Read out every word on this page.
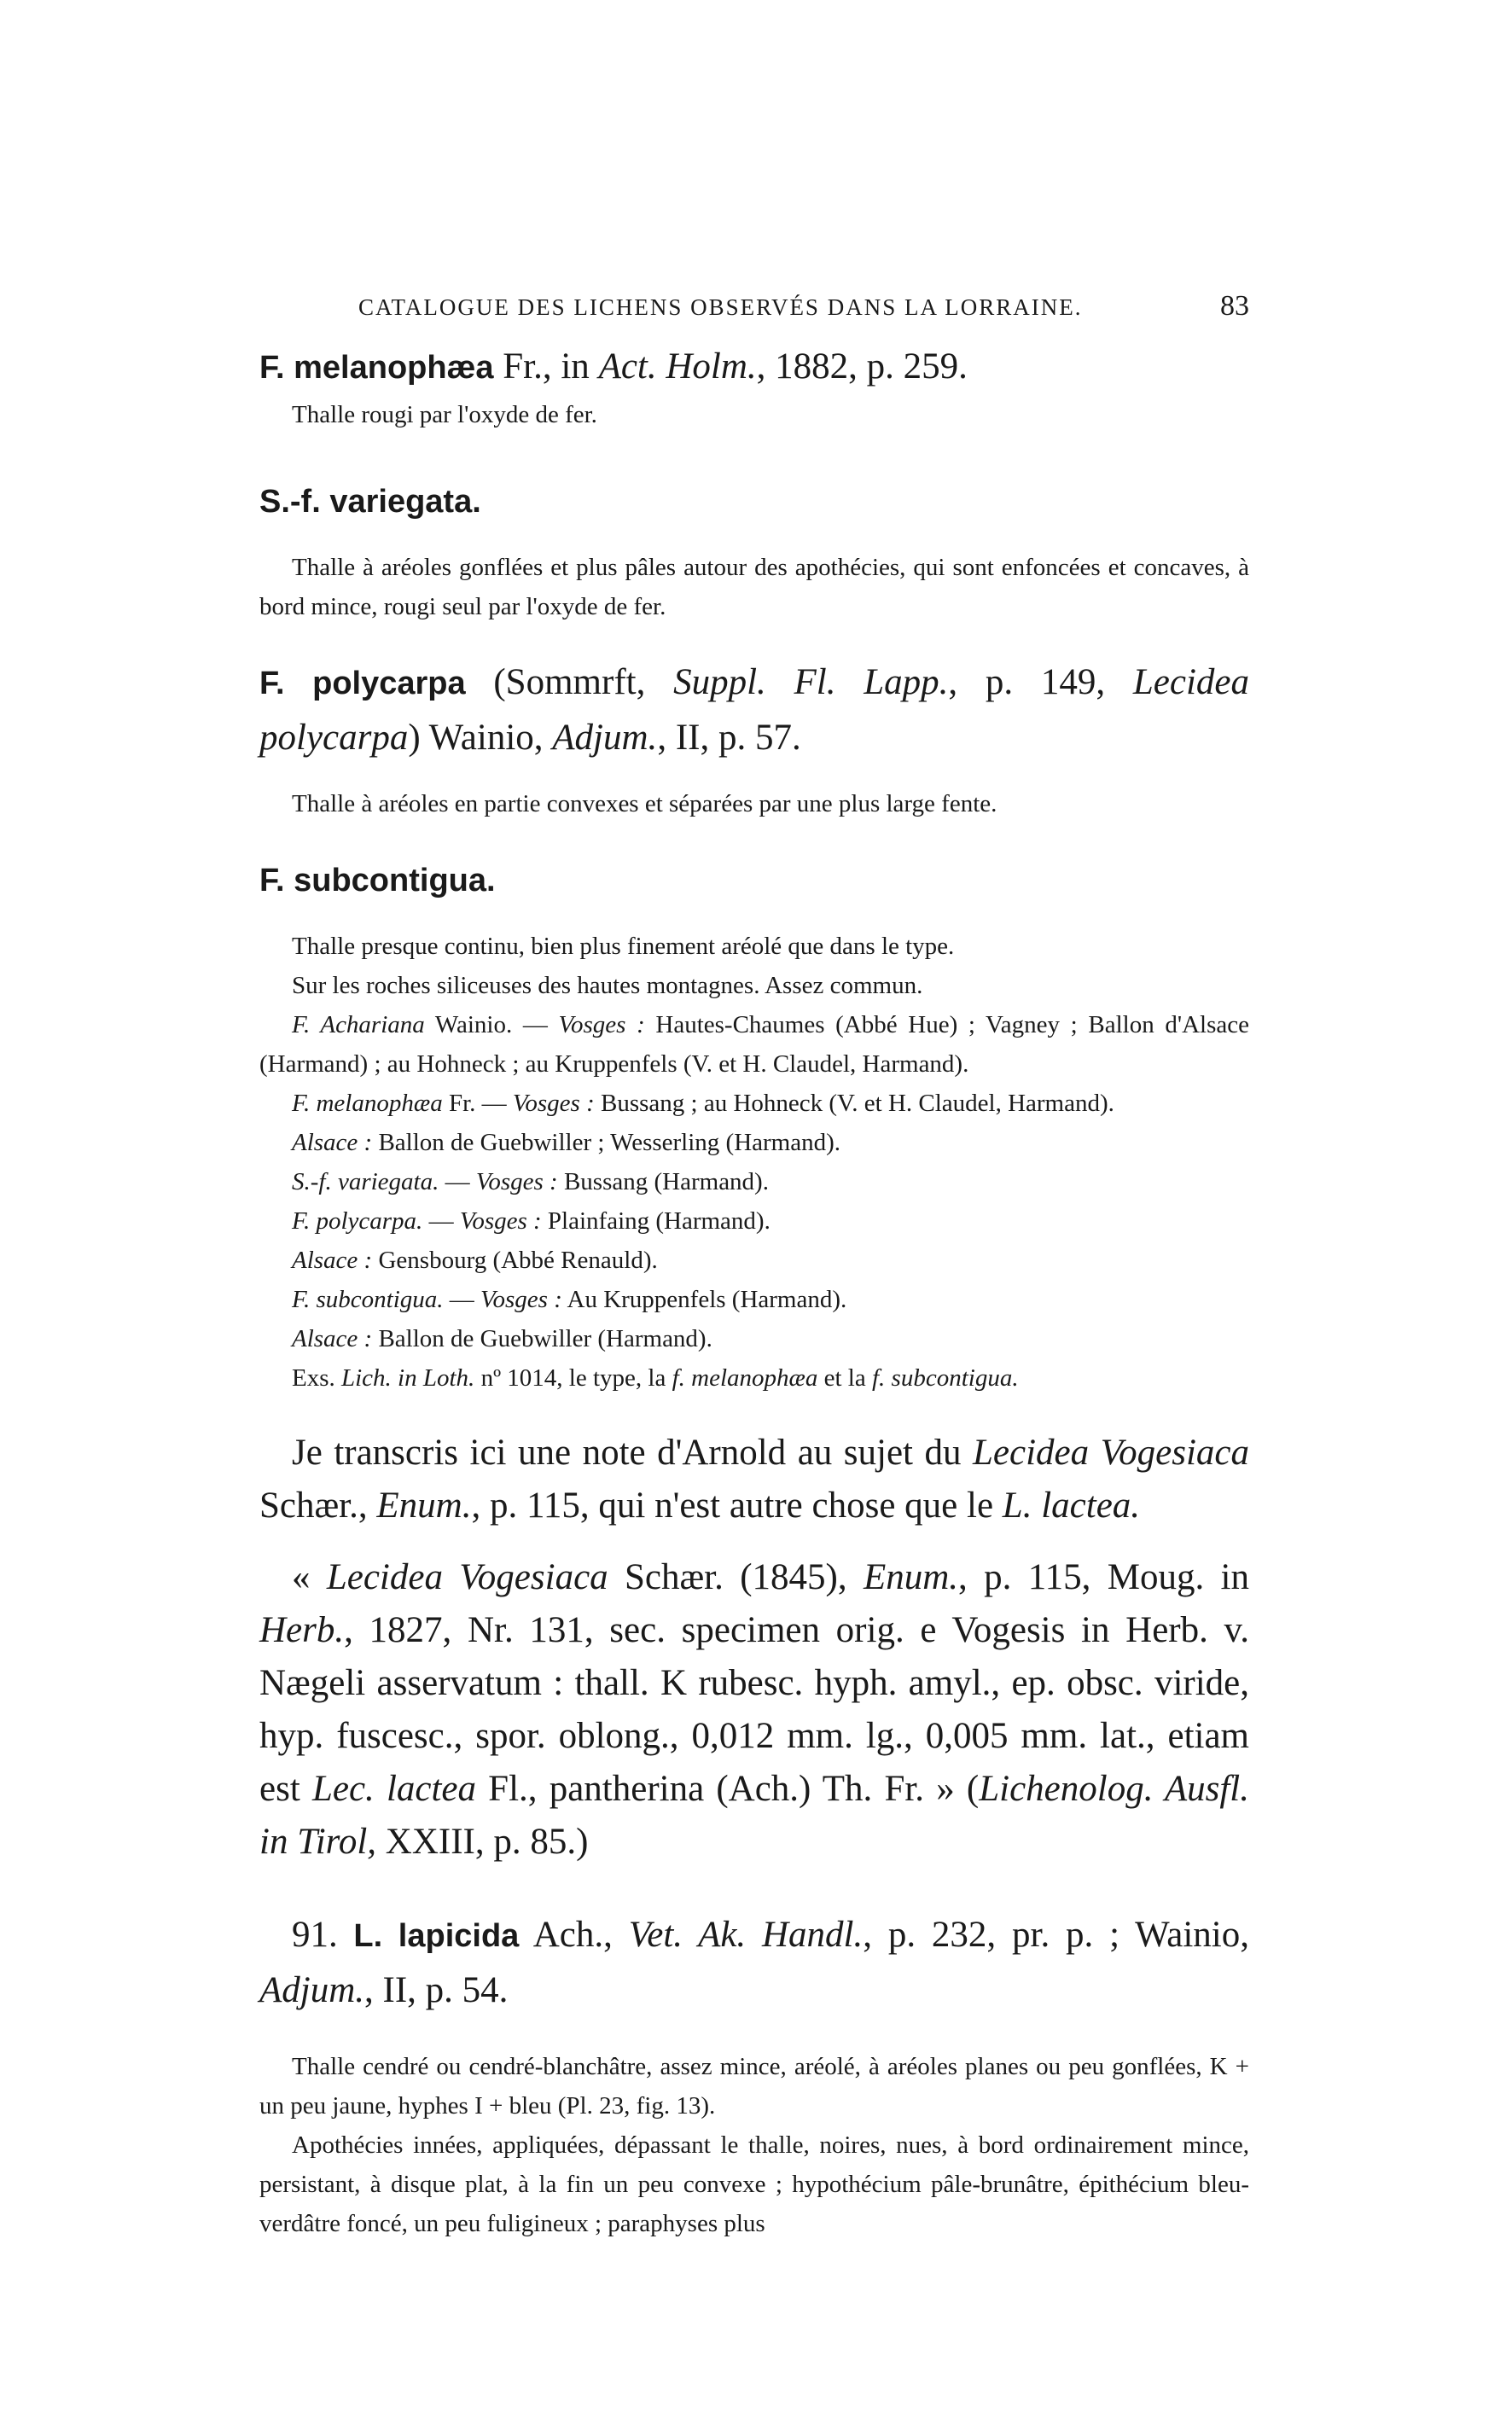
CATALOGUE DES LICHENS OBSERVÉS DANS LA LORRAINE.	83

F. melanophæa Fr., in Act. Holm., 1882, p. 259.

Thalle rougi par l'oxyde de fer.

S.-f. variegata.

Thalle à aréoles gonflées et plus pâles autour des apothécies, qui sont enfoncées et concaves, à bord mince, rougi seul par l'oxyde de fer.

F. polycarpa (Sommrft, Suppl. Fl. Lapp., p. 149, Lecidea polycarpa) Wainio, Adjum., II, p. 57.

Thalle à aréoles en partie convexes et séparées par une plus large fente.

F. subcontigua.

Thalle presque continu, bien plus finement aréolé que dans le type.

Sur les roches siliceuses des hautes montagnes. Assez commun.

F. Achariana Wainio. — Vosges : Hautes-Chaumes (Abbé Hue) ; Vagney ; Ballon d'Alsace (Harmand) ; au Hohneck ; au Kruppenfels (V. et H. Claudel, Harmand).

F. melanophæa Fr. — Vosges : Bussang ; au Hohneck (V. et H. Claudel, Harmand).

Alsace : Ballon de Guebwiller ; Wesserling (Harmand).

S.-f. variegata. — Vosges : Bussang (Harmand).

F. polycarpa. — Vosges : Plainfaing (Harmand).

Alsace : Gensbourg (Abbé Renauld).

F. subcontigua. — Vosges : Au Kruppenfels (Harmand).

Alsace : Ballon de Guebwiller (Harmand).

Exs. Lich. in Loth. nº 1014, le type, la f. melanophæa et la f. subcontigua.

Je transcris ici une note d'Arnold au sujet du Lecidea Vogesiaca Schær., Enum., p. 115, qui n'est autre chose que le L. lactea.

« Lecidea Vogesiaca Schær. (1845), Enum., p. 115, Moug. in Herb., 1827, Nr. 131, sec. specimen orig. e Vogesis in Herb. v. Nægeli asservatum : thall. K rubesc. hyph. amyl., ep. obsc. viride, hyp. fuscesc., spor. oblong., 0,012 mm. lg., 0,005 mm. lat., etiam est Lec. lactea Fl., pantherina (Ach.) Th. Fr. » (Lichenolog. Ausfl. in Tirol, XXIII, p. 85.)

91. L. lapicida Ach., Vet. Ak. Handl., p. 232, pr. p. ; Wainio, Adjum., II, p. 54.

Thalle cendré ou cendré-blanchâtre, assez mince, aréolé, à aréoles planes ou peu gonflées, K + un peu jaune, hyphes I + bleu (Pl. 23, fig. 13).

Apothécies innées, appliquées, dépassant le thalle, noires, nues, à bord ordinairement mince, persistant, à disque plat, à la fin un peu convexe ; hypothécium pâle-brunâtre, épithécium bleu-verdâtre foncé, un peu fuligineux ; paraphyses plus
